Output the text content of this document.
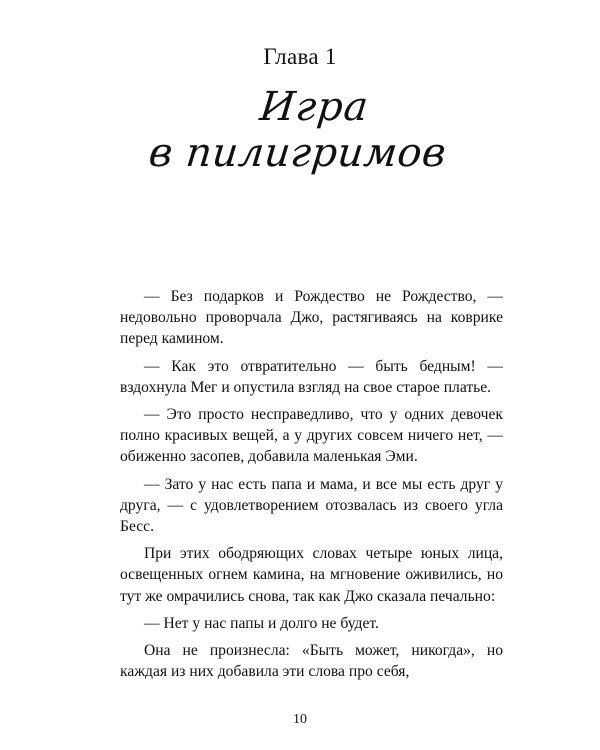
Глава 1
Игра
в пилигримов

— Без подарков и Рождество не Рождество, — недовольно проворчала Джо, растягиваясь на коврике перед камином.

— Как это отвратительно — быть бедным! — вздохнула Мег и опустила взгляд на свое старое платье.

— Это просто несправедливо, что у одних девочек полно красивых вещей, а у других совсем ничего нет, — обиженно засопев, добавила маленькая Эми.

— Зато у нас есть папа и мама, и все мы есть друг у друга, — с удовлетворением отозвалась из своего угла Бесс.

При этих ободряющих словах четыре юных лица, освещенных огнем камина, на мгновение оживились, но тут же омрачились снова, так как Джо сказала печально:

— Нет у нас папы и долго не будет.

Она не произнесла: «Быть может, никогда», но каждая из них добавила эти слова про себя,

10
